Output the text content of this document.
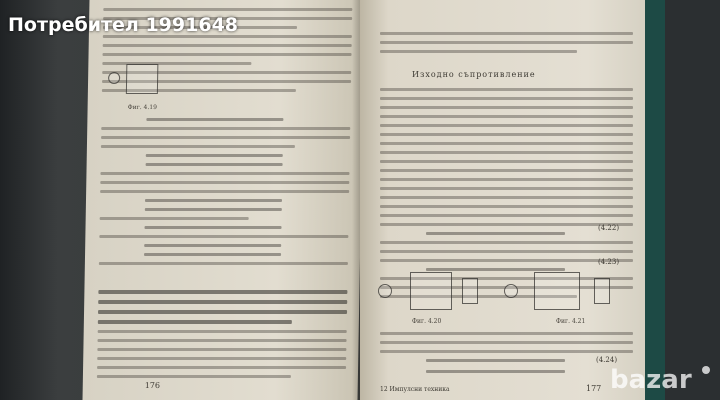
Фиг. 4.19
176
Изходно съпротивление
(4.22)
(4.23)
Фиг. 4.20	Фиг. 4.21
(4.24)
12 Импулсни техника	177
Потребител 1991648
bazar
